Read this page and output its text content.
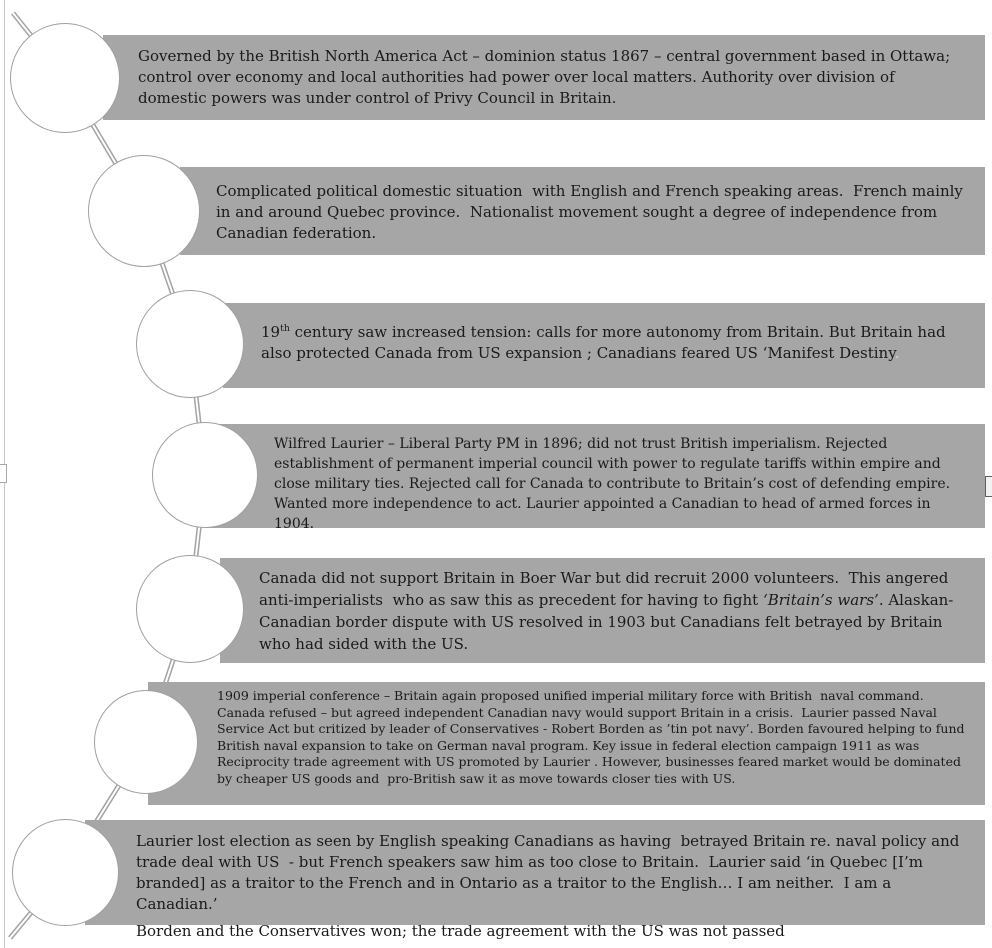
Governed by the British North America Act – dominion status 1867 – central government based in Ottawa; control over economy and local authorities had power over local matters. Authority over division of domestic powers was under control of Privy Council in Britain.

Complicated political domestic situation  with English and French speaking areas.  French mainly in and around Quebec province.  Nationalist movement sought a degree of independence from Canadian federation.

19th century saw increased tension: calls for more autonomy from Britain. But Britain had also protected Canada from US expansion ; Canadians feared US ‘Manifest Destiny.

Wilfred Laurier – Liberal Party PM in 1896; did not trust British imperialism. Rejected establishment of permanent imperial council with power to regulate tariffs within empire and close military ties. Rejected call for Canada to contribute to Britain’s cost of defending empire.  Wanted more independence to act. Laurier appointed a Canadian to head of armed forces in 1904.

Canada did not support Britain in Boer War but did recruit 2000 volunteers.  This angered anti-imperialists  who as saw this as precedent for having to fight ‘Britain’s wars’. Alaskan-Canadian border dispute with US resolved in 1903 but Canadians felt betrayed by Britain who had sided with the US.

1909 imperial conference – Britain again proposed unified imperial military force with British  naval command.  Canada refused – but agreed independent Canadian navy would support Britain in a crisis.  Laurier passed Naval Service Act but critized by leader of Conservatives - Robert Borden as ’tin pot navy’. Borden favoured helping to fund British naval expansion to take on German naval program. Key issue in federal election campaign 1911 as was Reciprocity trade agreement with US promoted by Laurier . However, businesses feared market would be dominated by cheaper US goods and  pro-British saw it as move towards closer ties with US.

Laurier lost election as seen by English speaking Canadians as having  betrayed Britain re. naval policy and trade deal with US  - but French speakers saw him as too close to Britain.  Laurier said ‘in Quebec [I’m branded] as a traitor to the French and in Ontario as a traitor to the English… I am neither.  I am a Canadian.’

Borden and the Conservatives won; the trade agreement with the US was not passed
